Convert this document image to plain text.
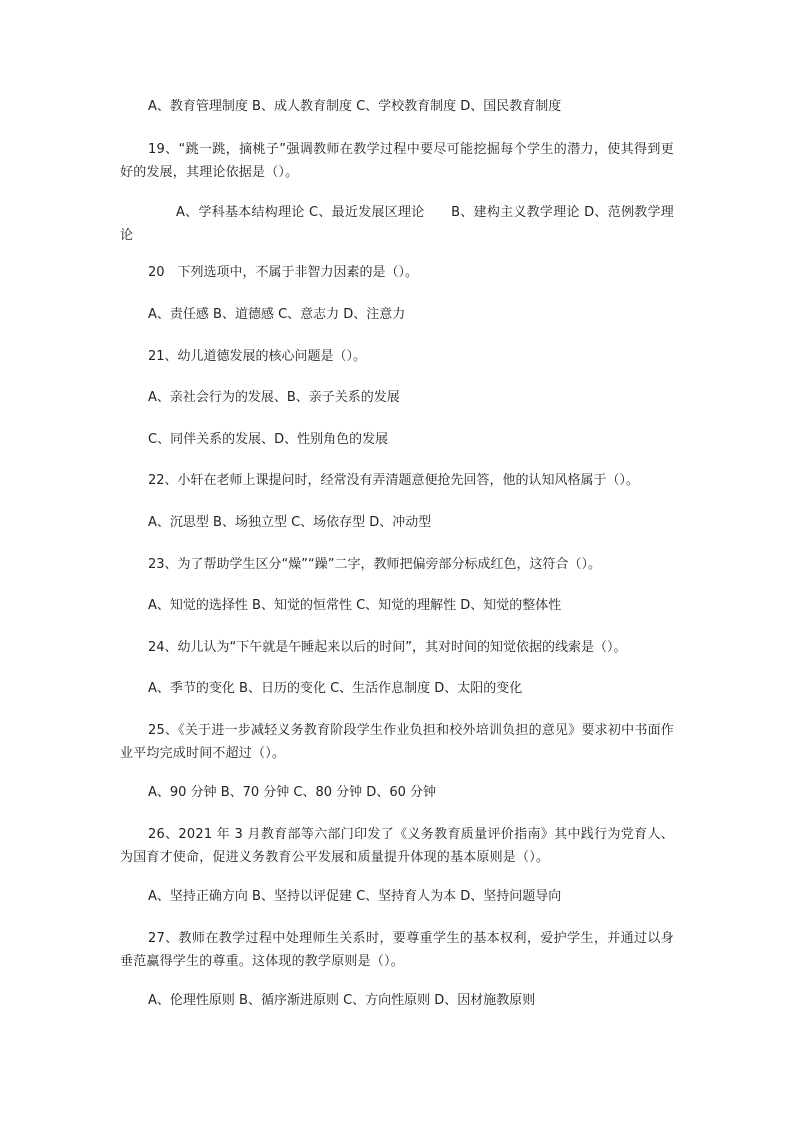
A、教育管理制度 B、成人教育制度 C、学校教育制度 D、国民教育制度
19、“跳一跳，摘桃子”强调教师在教学过程中要尽可能挖掘每个学生的潜力，使其得到更好的发展，其理论依据是（）。
A、学科基本结构理论 C、最近发展区理论　　B、建构主义教学理论 D、范例教学理论
20　下列选项中，不属于非智力因素的是（）。
A、责任感 B、道德感 C、意志力 D、注意力
21、幼儿道德发展的核心问题是（）。
A、亲社会行为的发展、B、亲子关系的发展
C、同伴关系的发展、D、性别角色的发展
22、小轩在老师上课提问时，经常没有弄清题意便抢先回答，他的认知风格属于（）。
A、沉思型 B、场独立型 C、场依存型 D、冲动型
23、为了帮助学生区分“燥”“躁”二字，教师把偏旁部分标成红色，这符合（）。
A、知觉的选择性 B、知觉的恒常性 C、知觉的理解性 D、知觉的整体性
24、幼儿认为“下午就是午睡起来以后的时间”，其对时间的知觉依据的线索是（）。
A、季节的变化 B、日历的变化 C、生活作息制度 D、太阳的变化
25、《关于进一步减轻义务教育阶段学生作业负担和校外培训负担的意见》要求初中书面作业平均完成时间不超过（）。
A、90 分钟 B、70 分钟 C、80 分钟 D、60 分钟
26、2021 年 3 月教育部等六部门印发了《义务教育质量评价指南》其中践行为党育人、为国育才使命，促进义务教育公平发展和质量提升体现的基本原则是（）。
A、坚持正确方向 B、坚持以评促建 C、坚持育人为本 D、坚持问题导向
27、教师在教学过程中处理师生关系时，要尊重学生的基本权利，爱护学生，并通过以身垂范赢得学生的尊重。这体现的教学原则是（）。
A、伦理性原则 B、循序渐进原则 C、方向性原则 D、因材施教原则
